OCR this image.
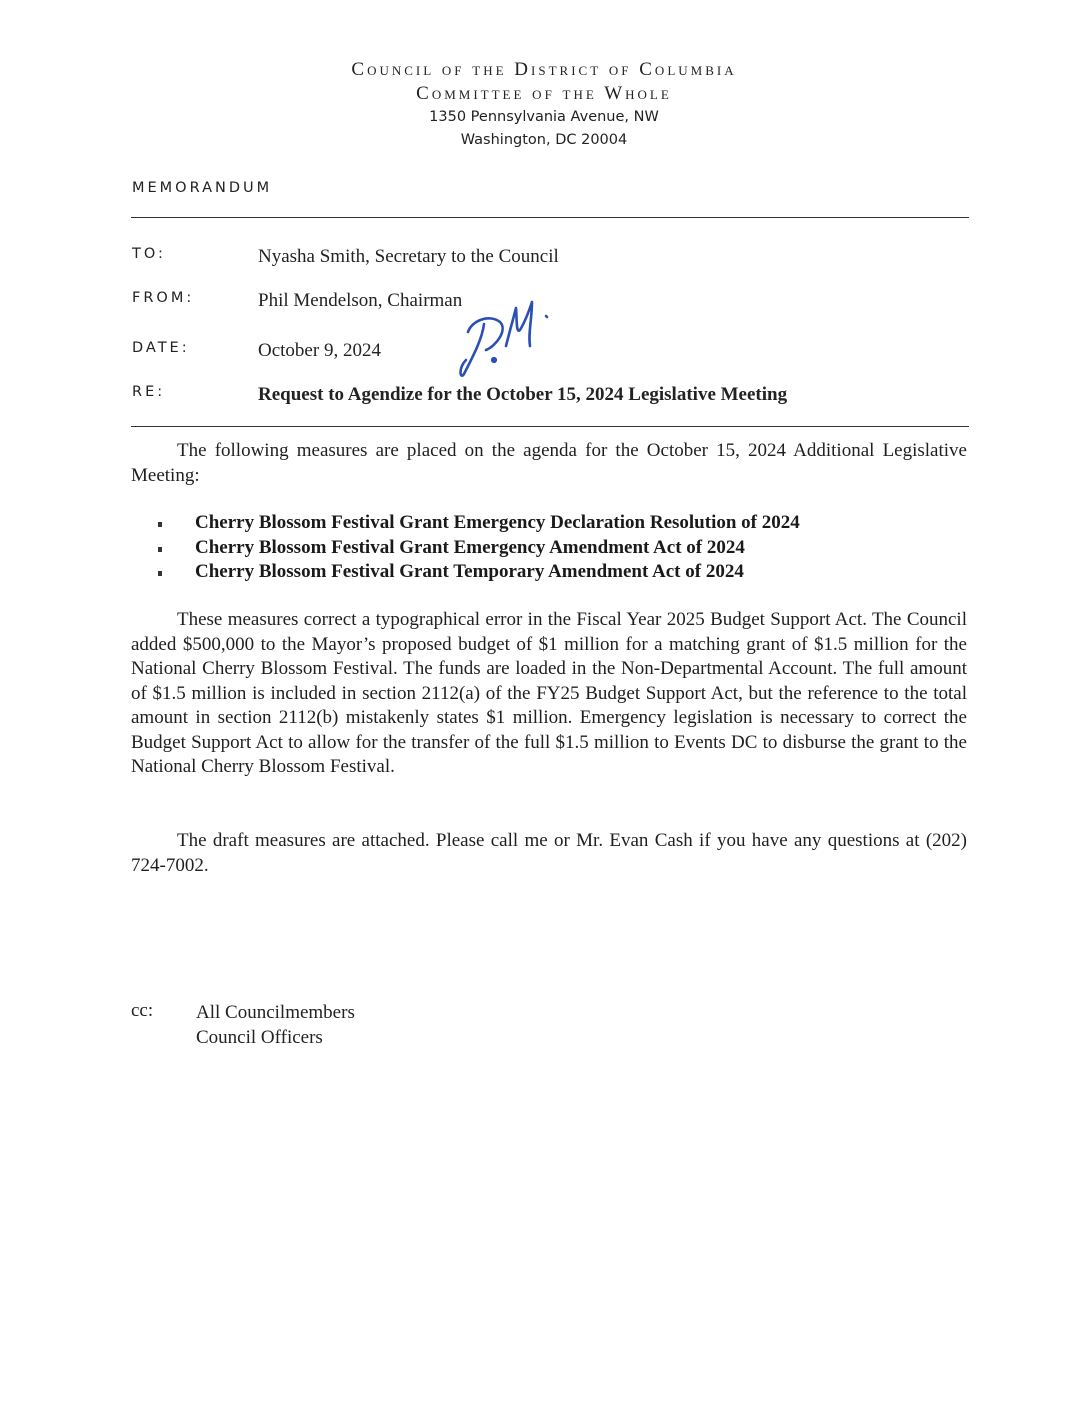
Council of the District of Columbia
Committee of the Whole
1350 Pennsylvania Avenue, NW
Washington, DC 20004
MEMORANDUM
TO:	Nyasha Smith, Secretary to the Council
FROM:	Phil Mendelson, Chairman
DATE:	October 9, 2024
RE:	Request to Agendize for the October 15, 2024 Legislative Meeting

The following measures are placed on the agenda for the October 15, 2024 Additional Legislative Meeting:

Cherry Blossom Festival Grant Emergency Declaration Resolution of 2024
Cherry Blossom Festival Grant Emergency Amendment Act of 2024
Cherry Blossom Festival Grant Temporary Amendment Act of 2024

These measures correct a typographical error in the Fiscal Year 2025 Budget Support Act. The Council added $500,000 to the Mayor’s proposed budget of $1 million for a matching grant of $1.5 million for the National Cherry Blossom Festival. The funds are loaded in the Non-Departmental Account. The full amount of $1.5 million is included in section 2112(a) of the FY25 Budget Support Act, but the reference to the total amount in section 2112(b) mistakenly states $1 million. Emergency legislation is necessary to correct the Budget Support Act to allow for the transfer of the full $1.5 million to Events DC to disburse the grant to the National Cherry Blossom Festival.

The draft measures are attached. Please call me or Mr. Evan Cash if you have any questions at (202) 724-7002.

cc: All Councilmembers
Council Officers
